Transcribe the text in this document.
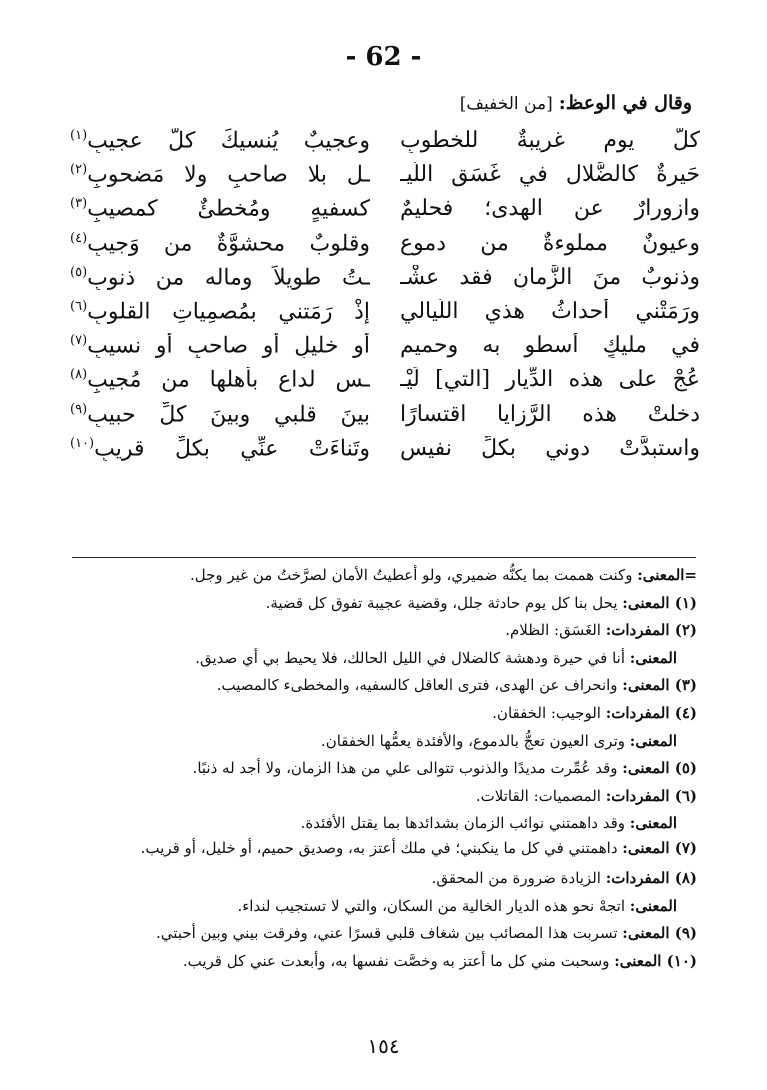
- 62 -
وقال في الوعظ:[من الخفيف]
كلُّ يوم غريبةٌ للخطوبِ
وعجيبٌ يُنسيكَ كلَّ عجيبِ$^{(١)}$
حَيرةٌ كالضَّلال في غَسَقِ اللَّيـ
ـل بلا صاحبٍ ولا مَضحوبِ$^{(٢)}$
وازورارٌ عنِ الهدى؛ فحليمٌ
كسفيهٍ ومُخطئٌ كمصيبِ$^{(٣)}$
وعيونٌ مملوءةٌ من دموعٍ
وقلوبٌ محشوَّةٌ من وَجيبِ$^{(٤)}$
وذنوبٌ منَ الزَّمانِ فقد عشْـ
ـتُ طويلاً وماله من ذنوبِ$^{(٥)}$
ورَمَتْني أحداثُ هذي اللَّيالي
إذْ رَمَتني بمُصمِياتِ القلوبِ$^{(٦)}$
في مليكٍ أسطو به وحميمٍ
أو خليلٍ أو صاحبٍ أو نسيبِ$^{(٧)}$
عُجْ على هذه الدِّيارِ [التي] لَيْـ
ـس لداعٍ بأهلها من مُجيبِ$^{(٨)}$
دخلتْ هذه الرَّزايا اقتسارًا
بينَ قلبي وبينَ كلِّ حبيبِ$^{(٩)}$
واستبدَّتْ دوني بكلِّ نفيسٍ
وتَناءَتْ عنِّي بكلِّ قريبِ$^{(١٠)}$
=المعنى: وكنت هممت بما يكنُّه ضميري، ولو أعطيتُ الأمان لصرَّختُ من غير وجل.
(١) المعنى: يحل بنا كل يوم حادثة جلل، وقضية عجيبة تفوق كل قضية.
(٢) المفردات: الغَسَق: الظلام.
المعنى: أنا في حيرة ودهشة كالضلال في الليل الحالك، فلا يحيط بي أي صديق.
(٣) المعنى: وانحراف عن الهدى، فترى العاقل كالسفيه، والمخطىء كالمصيب.
(٤) المفردات: الوجيب: الخفقان.
المعنى: وترى العيون تعجُّ بالدموع، والأفئدة يعمُّها الخفقان.
(٥) المعنى: وقد عُمِّرت مديدًا والذنوب تتوالى علي من هذا الزمان، ولا أجد له ذنبًا.
(٦) المفردات: المصميات: القاتلات.
المعنى: وقد داهمتني نوائب الزمان بشدائدها بما يقتل الأفئدة.
(٧) المعنى: داهمتني في كل ما ينكبني؛ في ملك أعتز به، وصديق حميم، أو خليل، أو قريب.
(٨) المفردات: الزيادة ضرورة من المحقق.
المعنى: اتجهْ نحو هذه الديار الخالية من السكان، والتي لا تستجيب لنداء.
(٩) المعنى: تسربت هذا المصائب بين شغاف قلبي قسرًا عني، وفرقت بيني وبين أحبتي.
(١٠) المعنى: وسحبت مني كل ما أعتز به وخصَّت نفسها به، وأبعدت عني كل قريب.
١٥٤
